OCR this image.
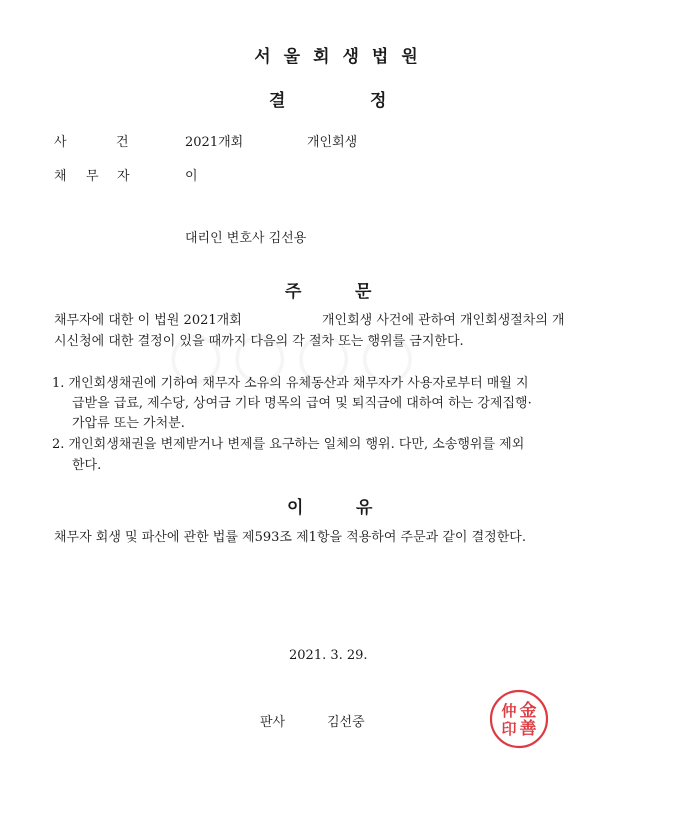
서울회생법원
결	정
사	건	2021개회	개인회생
채 무 자	이
대리인 변호사 김선용
주	문
채무자에 대한 이 법원 2021개회	개인회생 사건에 관하여 개인회생절차의 개
시신청에 대한 결정이 있을 때까지 다음의 각 절차 또는 행위를 금지한다.
1. 개인회생채권에 기하여 채무자 소유의 유체동산과 채무자가 사용자로부터 매월 지
급받을 급료, 제수당, 상여금 기타 명목의 급여 및 퇴직금에 대하여 하는 강제집행·
가압류 또는 가처분.
2. 개인회생채권을 변제받거나 변제를 요구하는 일체의 행위. 다만, 소송행위를 제외
한다.
이	유
채무자 회생 및 파산에 관한 법률 제593조 제1항을 적용하여 주문과 같이 결정한다.
2021. 3. 29.
판사	김선중
金
善
仲
印
